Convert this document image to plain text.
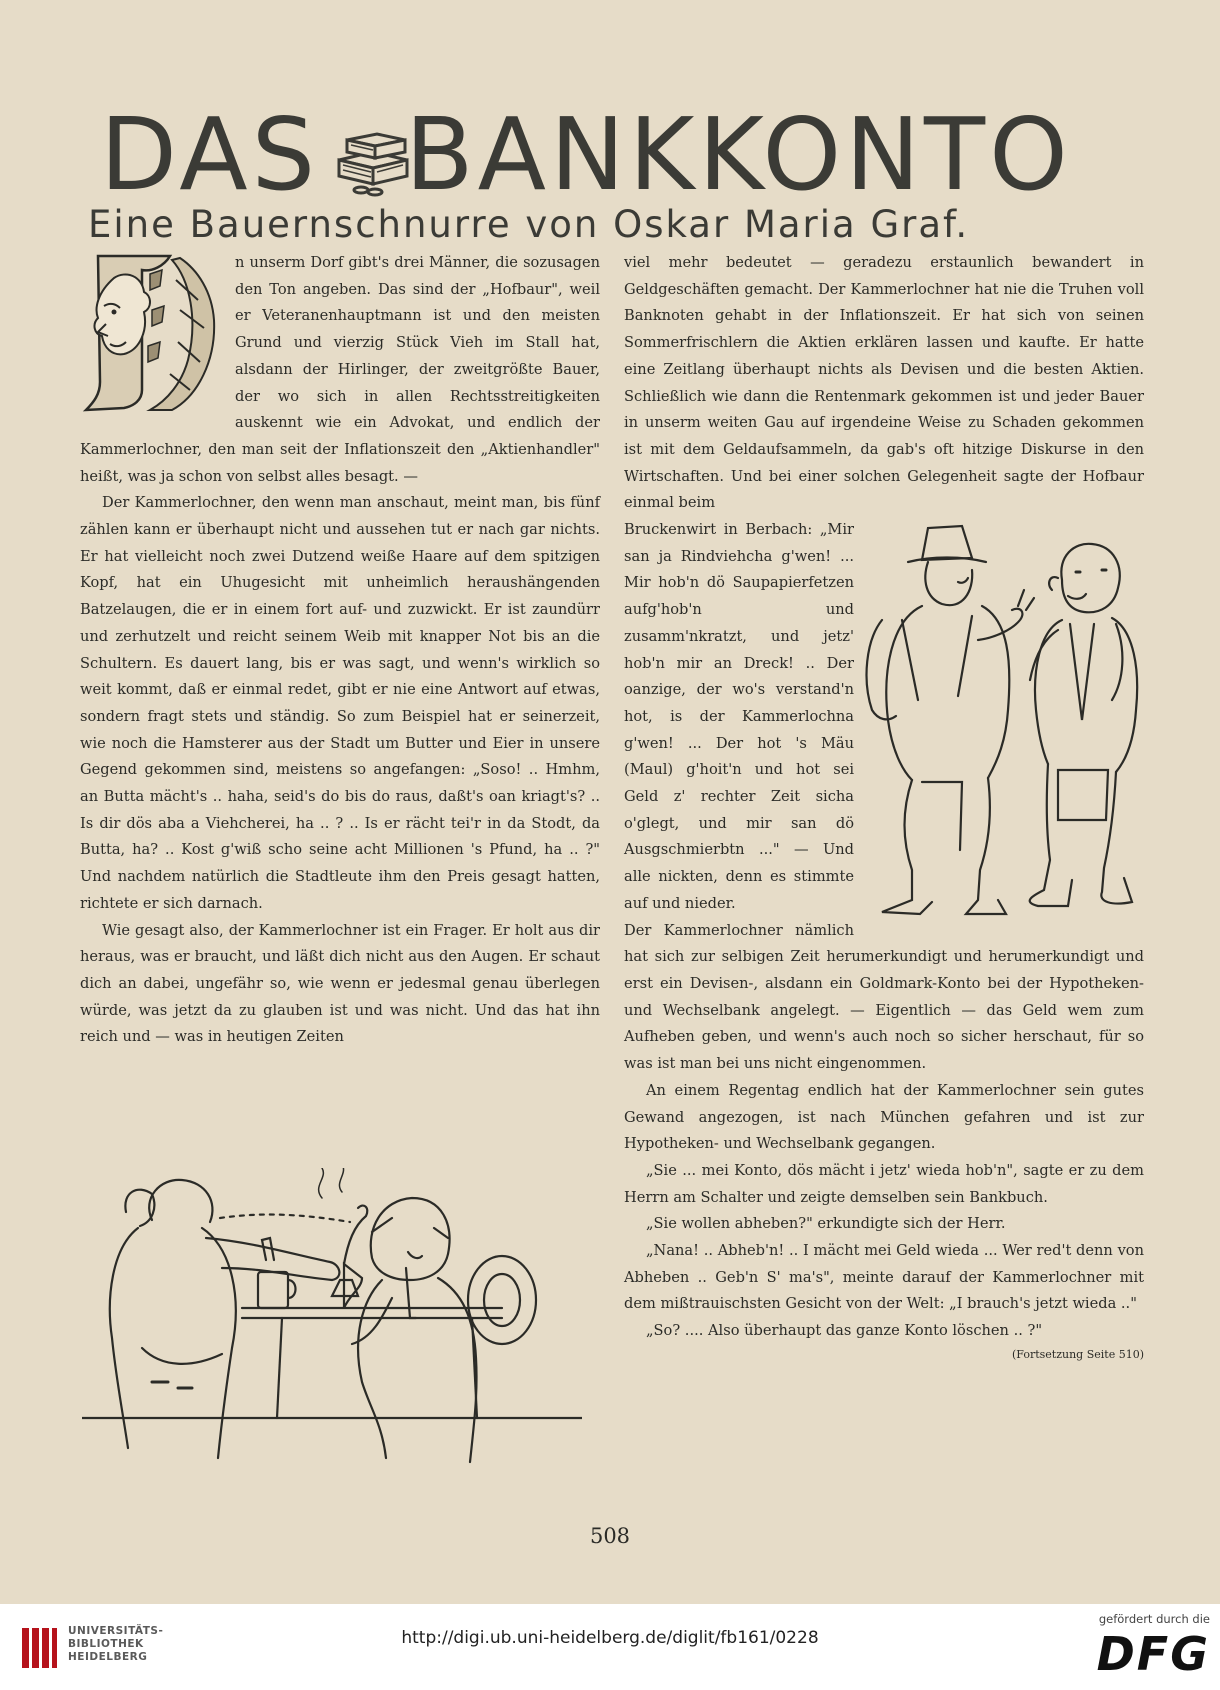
DAS BANKKONTO
Eine Bauernschnurre von Oskar Maria Graf.

n unserm Dorf gibt's drei Männer, die sozusagen den Ton angeben. Das sind der „Hofbaur", weil er Veteranenhauptmann ist und den meisten Grund und vierzig Stück Vieh im Stall hat, alsdann der Hirlinger, der zweitgrößte Bauer, der wo sich in allen Rechtsstreitigkeiten auskennt wie ein Advokat, und endlich der Kammerlochner, den man seit der Inflationszeit den „Aktienhandler" heißt, was ja schon von selbst alles besagt. —

Der Kammerlochner, den wenn man anschaut, meint man, bis fünf zählen kann er überhaupt nicht und aussehen tut er nach gar nichts. Er hat vielleicht noch zwei Dutzend weiße Haare auf dem spitzigen Kopf, hat ein Uhugesicht mit unheimlich heraushängenden Batzelaugen, die er in einem fort auf- und zuzwickt. Er ist zaundürr und zerhutzelt und reicht seinem Weib mit knapper Not bis an die Schultern. Es dauert lang, bis er was sagt, und wenn's wirklich so weit kommt, daß er einmal redet, gibt er nie eine Antwort auf etwas, sondern fragt stets und ständig. So zum Beispiel hat er seinerzeit, wie noch die Hamsterer aus der Stadt um Butter und Eier in unsere Gegend gekommen sind, meistens so angefangen: „Soso! .. Hmhm, an Butta mächt's .. haha, seid's do bis do raus, daßt's oan kriagt's? .. Is dir dös aba a Viehcherei, ha .. ? .. Is er rächt tei'r in da Stodt, da Butta, ha? .. Kost g'wiß scho seine acht Millionen 's Pfund, ha .. ?" Und nachdem natürlich die Stadtleute ihm den Preis gesagt hatten, richtete er sich darnach.

Wie gesagt also, der Kammerlochner ist ein Frager. Er holt aus dir heraus, was er braucht, und läßt dich nicht aus den Augen. Er schaut dich an dabei, ungefähr so, wie wenn er jedesmal genau überlegen würde, was jetzt da zu glauben ist und was nicht. Und das hat ihn reich und — was in heutigen Zeiten

viel mehr bedeutet — geradezu erstaunlich bewandert in Geldgeschäften gemacht. Der Kammerlochner hat nie die Truhen voll Banknoten gehabt in der Inflationszeit. Er hat sich von seinen Sommerfrischlern die Aktien erklären lassen und kaufte. Er hatte eine Zeitlang überhaupt nichts als Devisen und die besten Aktien. Schließlich wie dann die Rentenmark gekommen ist und jeder Bauer in unserm weiten Gau auf irgendeine Weise zu Schaden gekommen ist mit dem Geldaufsammeln, da gab's oft hitzige Diskurse in den Wirtschaften. Und bei einer solchen Gelegenheit sagte der Hofbaur einmal beim

Bruckenwirt in Berbach: „Mir san ja Rindviehcha g'wen! ... Mir hob'n dö Saupapierfetzen aufg'hob'n und zusamm'nkratzt, und jetz' hob'n mir an Dreck! .. Der oanzige, der wo's verstand'n hot, is der Kammerlochna g'wen! ... Der hot 's Mäu (Maul) g'hoit'n und hot sei Geld z' rechter Zeit sicha o'glegt, und mir san dö Ausgschmierbtn ..." — Und alle nickten, denn es stimmte auf und nieder.

Der Kammerlochner nämlich hat sich zur selbigen Zeit herumerkundigt und herumerkundigt und erst ein Devisen-, alsdann ein Goldmark-Konto bei der Hypotheken- und Wechselbank angelegt. — Eigentlich — das Geld wem zum Aufheben geben, und wenn's auch noch so sicher herschaut, für so was ist man bei uns nicht eingenommen.

An einem Regentag endlich hat der Kammerlochner sein gutes Gewand angezogen, ist nach München gefahren und ist zur Hypotheken- und Wechselbank gegangen.

„Sie ... mei Konto, dös mächt i jetz' wieda hob'n", sagte er zu dem Herrn am Schalter und zeigte demselben sein Bankbuch.

„Sie wollen abheben?" erkundigte sich der Herr.

„Nana! .. Abheb'n! .. I mächt mei Geld wieda ... Wer red't denn von Abheben .. Geb'n S' ma's", meinte darauf der Kammerlochner mit dem mißtrauischsten Gesicht von der Welt: „I brauch's jetzt wieda .."

„So? .... Also überhaupt das ganze Konto löschen .. ?"

(Fortsetzung Seite 510)

508
UNIVERSITÄTS-
BIBLIOTHEK
HEIDELBERG
http://digi.ub.uni-heidelberg.de/diglit/fb161/0228
gefördert durch die
DFG
